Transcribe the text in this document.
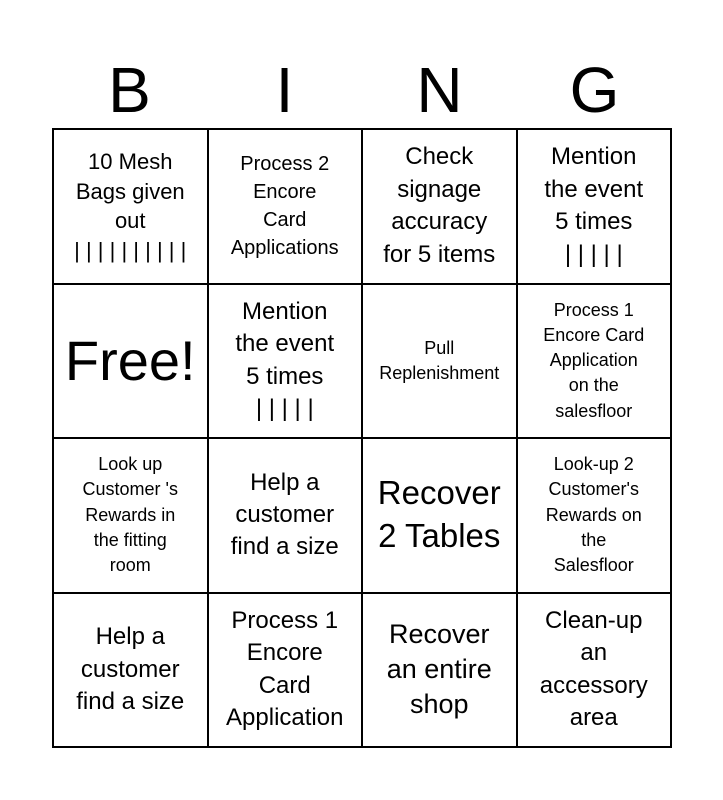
B	I	N	G
10 Mesh
Bags given
out
| | | | | | | | | |
Process 2
Encore
Card
Applications
Check
signage
accuracy
for 5 items
Mention
the event
5 times
| | | | |
Free!
Mention
the event
5 times
| | | | |
Pull
Replenishment
Process 1
Encore Card
Application
on the
salesfloor
Look up
Customer 's
Rewards in
the fitting
room
Help a
customer
find a size
Recover
2 Tables
Look-up 2
Customer's
Rewards on
the
Salesfloor
Help a
customer
find a size
Process 1
Encore
Card
Application
Recover
an entire
shop
Clean-up
an
accessory
area
